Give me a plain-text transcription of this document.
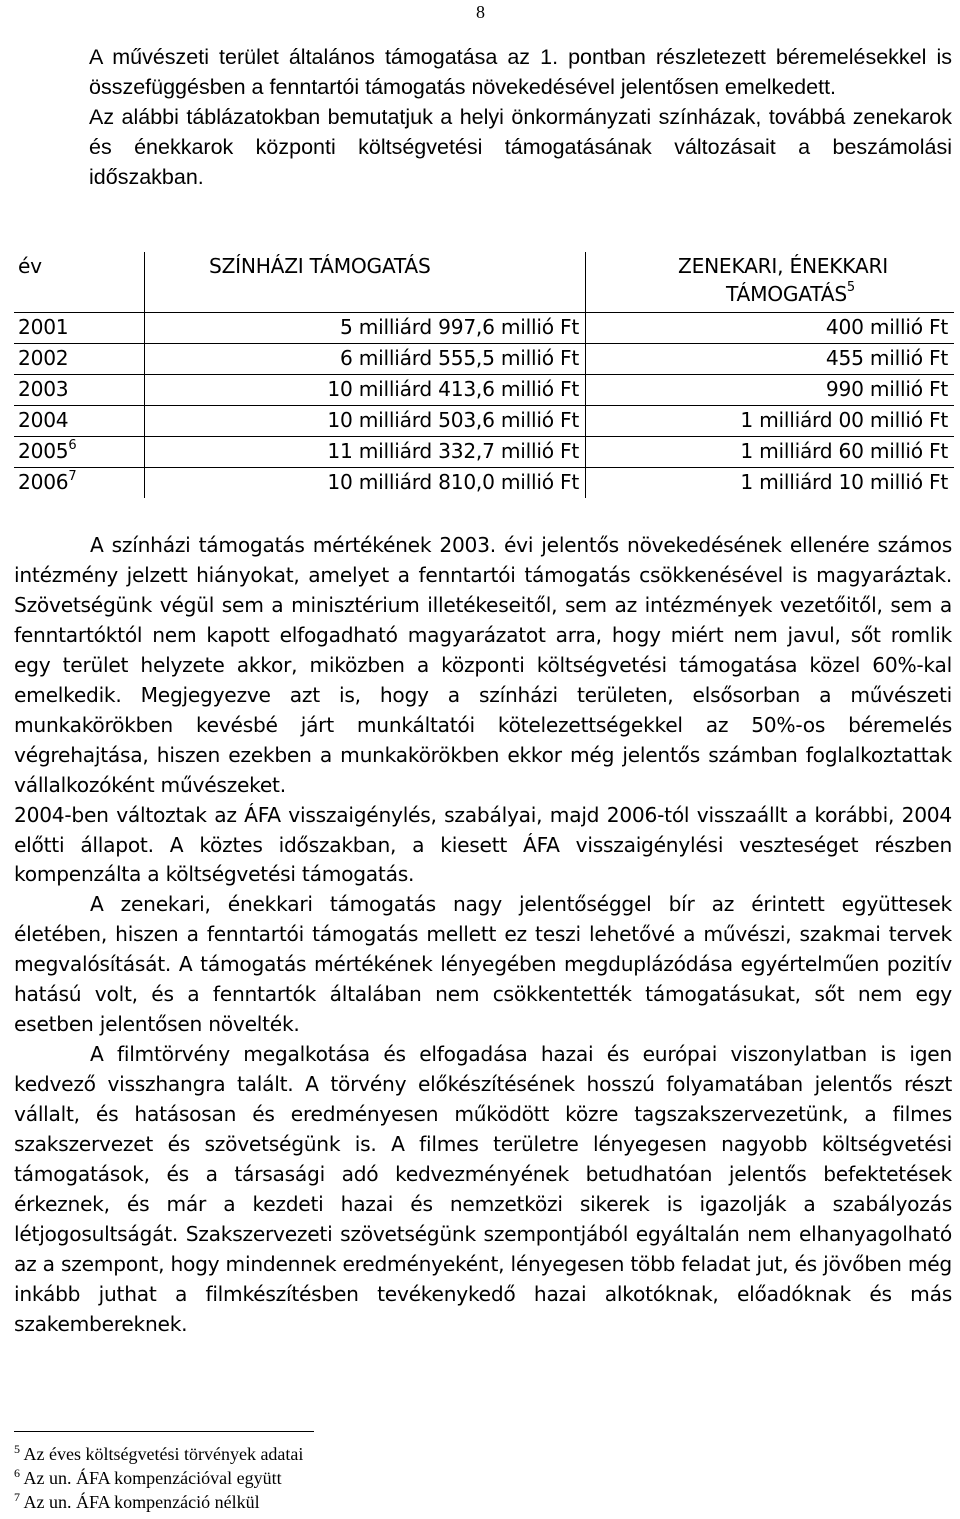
8
A művészeti terület általános támogatása az 1. pontban részletezett béremelésekkel is összefüggésben a fenntartói támogatás növekedésével jelentősen emelkedett.
Az alábbi táblázatokban bemutatjuk a helyi önkormányzati színházak, továbbá zenekarok és énekkarok központi költségvetési támogatásának változásait a beszámolási időszakban.
év	SZÍNHÁZI TÁMOGATÁS	ZENEKARI, ÉNEKKARI
TÁMOGATÁS$^5$
2001	5 milliárd 997,6 millió Ft	400 millió Ft
2002	6 milliárd 555,5 millió Ft	455 millió Ft
2003	10 milliárd 413,6 millió Ft	990 millió Ft
2004	10 milliárd 503,6 millió Ft	1 milliárd 00 millió Ft
2005$^6$	11 milliárd 332,7 millió Ft	1 milliárd 60 millió Ft
2006$^7$	10 milliárd 810,0 millió Ft	1 milliárd 10 millió Ft

A színházi támogatás mértékének 2003. évi jelentős növekedésének ellenére számos intézmény jelzett hiányokat, amelyet a fenntartói támogatás csökkenésével is magyaráztak. Szövetségünk végül sem a minisztérium illetékeseitől, sem az intézmények vezetőitől, sem a fenntartóktól nem kapott elfogadható magyarázatot arra, hogy miért nem javul, sőt romlik egy terület helyzete akkor, miközben a központi költségvetési támogatása közel 60%-kal emelkedik. Megjegyezve azt is, hogy a színházi területen, elsősorban a művészeti munkakörökben kevésbé járt munkáltatói kötelezettségekkel az 50%-os béremelés végrehajtása, hiszen ezekben a munkakörökben ekkor még jelentős számban foglalkoztattak vállalkozóként művészeket.

2004-ben változtak az ÁFA visszaigénylés, szabályai, majd 2006-tól visszaállt a korábbi, 2004 előtti állapot. A köztes időszakban, a kiesett ÁFA visszaigénylési veszteséget részben kompenzálta a költségvetési támogatás.

A zenekari, énekkari támogatás nagy jelentőséggel bír az érintett együttesek életében, hiszen a fenntartói támogatás mellett ez teszi lehetővé a művészi, szakmai tervek megvalósítását. A támogatás mértékének lényegében megduplázódása egyértelműen pozitív hatású volt, és a fenntartók általában nem csökkentették támogatásukat, sőt nem egy esetben jelentősen növelték.

A filmtörvény megalkotása és elfogadása hazai és európai viszonylatban is igen kedvező visszhangra talált. A törvény előkészítésének hosszú folyamatában jelentős részt vállalt, és hatásosan és eredményesen működött közre tagszakszervezetünk, a filmes szakszervezet és szövetségünk is. A filmes területre lényegesen nagyobb költségvetési támogatások, és a társasági adó kedvezményének betudhatóan jelentős befektetések érkeznek, és már a kezdeti hazai és nemzetközi sikerek is igazolják a szabályozás létjogosultságát. Szakszervezeti szövetségünk szempontjából egyáltalán nem elhanyagolható az a szempont, hogy mindennek eredményeként, lényegesen több feladat jut, és jövőben még inkább juthat a filmkészítésben tevékenykedő hazai alkotóknak, előadóknak és más szakembereknek.

$^5$ Az éves költségvetési törvények adatai
$^6$ Az un. ÁFA kompenzációval együtt
$^7$ Az un. ÁFA kompenzáció nélkül
